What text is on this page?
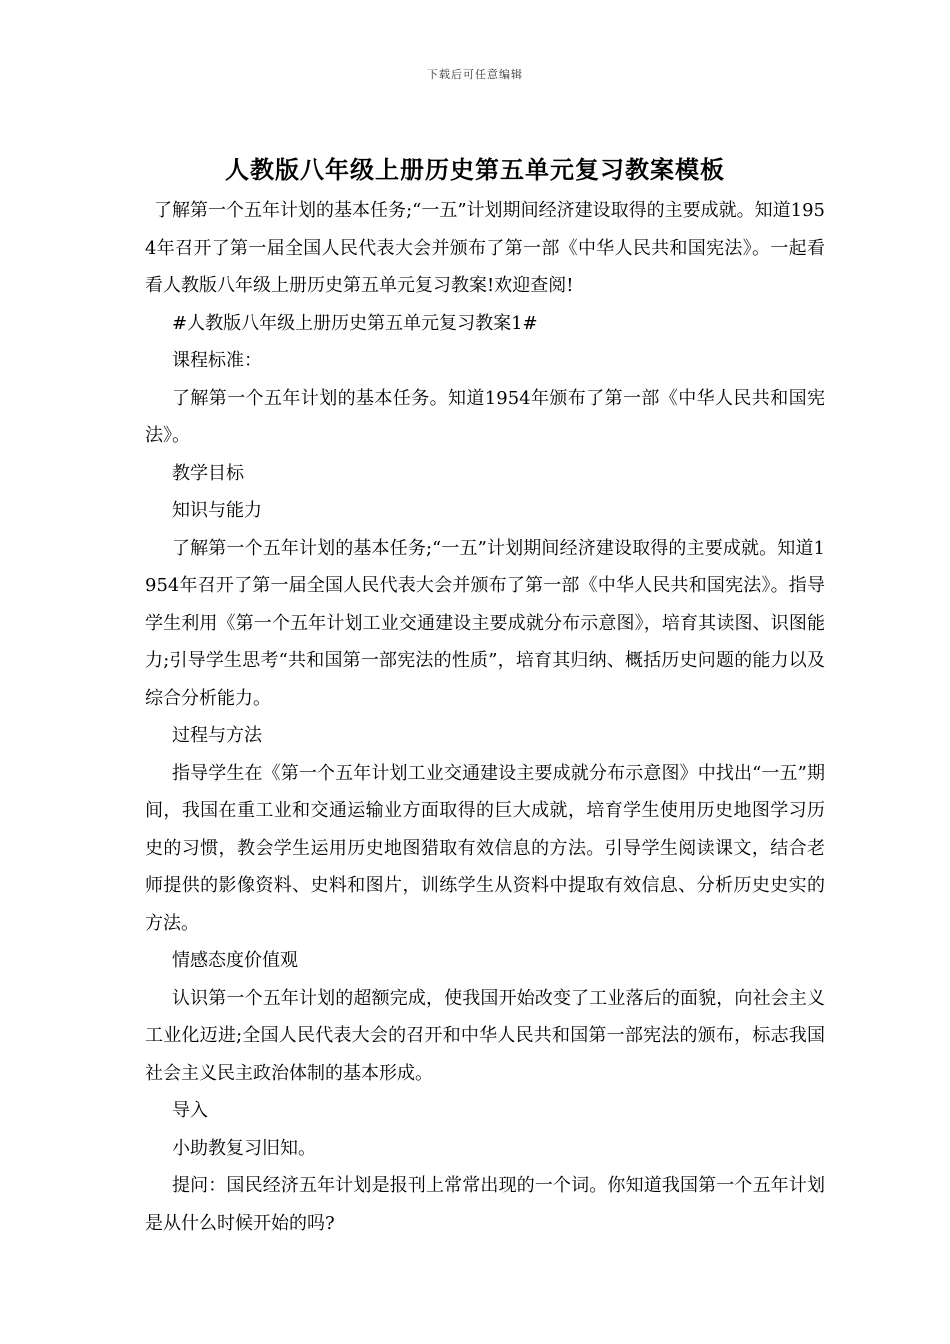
下载后可任意编辑
人教版八年级上册历史第五单元复习教案模板

了解第一个五年计划的基本任务;“一五”计划期间经济建设取得的主要成就。知道1954年召开了第一届全国人民代表大会并颁布了第一部《中华人民共和国宪法》。一起看看人教版八年级上册历史第五单元复习教案!欢迎查阅!

#人教版八年级上册历史第五单元复习教案1#

课程标准：

了解第一个五年计划的基本任务。知道1954年颁布了第一部《中华人民共和国宪法》。

教学目标

知识与能力

了解第一个五年计划的基本任务;“一五”计划期间经济建设取得的主要成就。知道1954年召开了第一届全国人民代表大会并颁布了第一部《中华人民共和国宪法》。指导学生利用《第一个五年计划工业交通建设主要成就分布示意图》，培育其读图、识图能力;引导学生思考“共和国第一部宪法的性质”，培育其归纳、概括历史问题的能力以及综合分析能力。

过程与方法

指导学生在《第一个五年计划工业交通建设主要成就分布示意图》中找出“一五”期间，我国在重工业和交通运输业方面取得的巨大成就，培育学生使用历史地图学习历史的习惯，教会学生运用历史地图猎取有效信息的方法。引导学生阅读课文，结合老师提供的影像资料、史料和图片，训练学生从资料中提取有效信息、分析历史史实的方法。

情感态度价值观

认识第一个五年计划的超额完成，使我国开始改变了工业落后的面貌，向社会主义工业化迈进;全国人民代表大会的召开和中华人民共和国第一部宪法的颁布，标志我国社会主义民主政治体制的基本形成。

导入

小助教复习旧知。

提问：国民经济五年计划是报刊上常常出现的一个词。你知道我国第一个五年计划是从什么时候开始的吗?
